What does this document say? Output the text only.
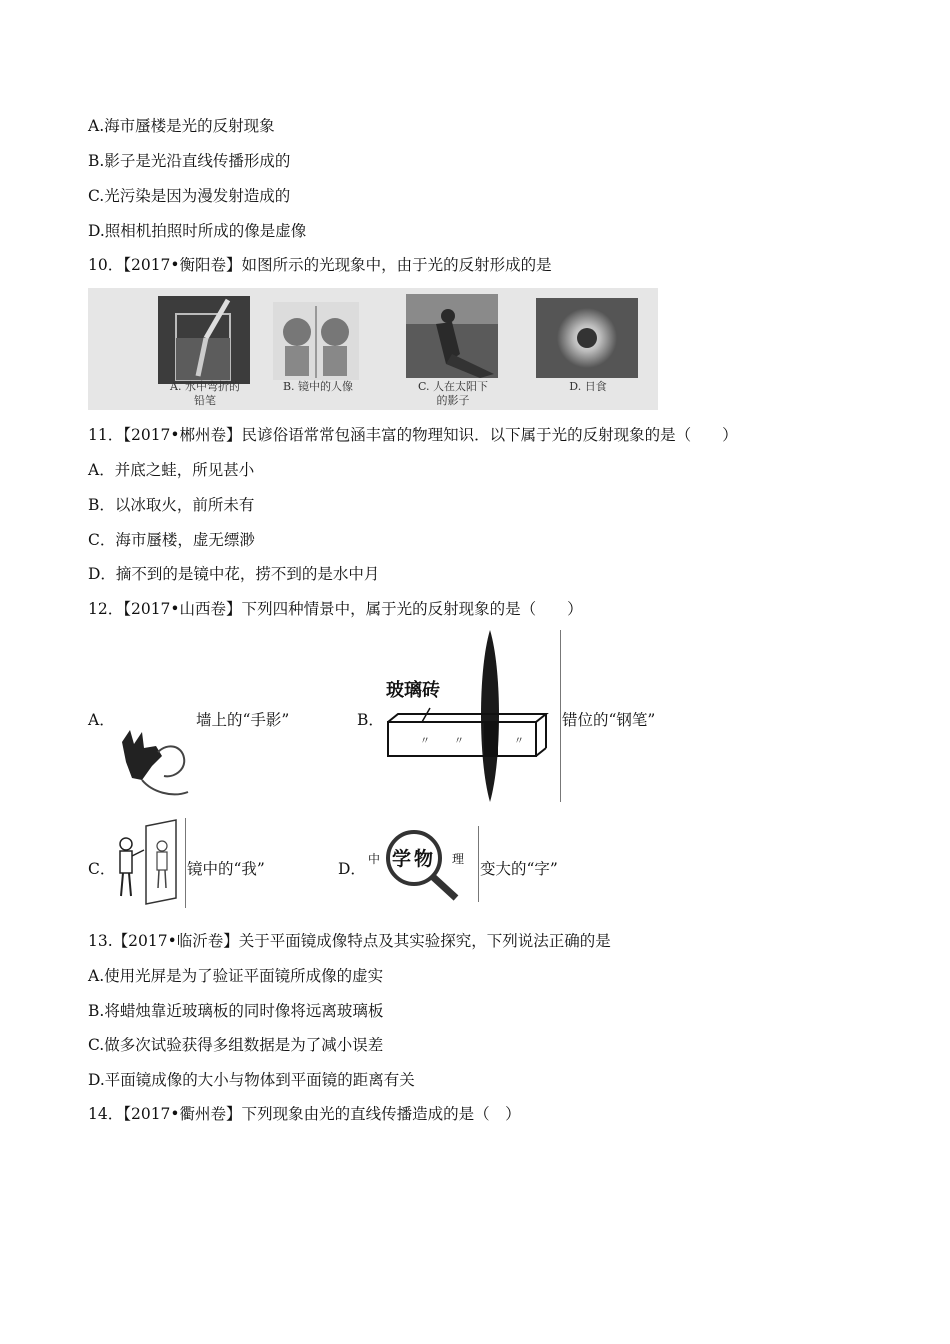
A.海市蜃楼是光的反射现象
B.影子是光沿直线传播形成的
C.光污染是因为漫发射造成的
D.照相机拍照时所成的像是虚像
10．【2017•衡阳卷】如图所示的光现象中，由于光的反射形成的是
A. 水中弯折的
铅笔
B. 镜中的人像	C. 人在太阳下
的影子
D. 日食
11．【2017•郴州卷】民谚俗语常常包涵丰富的物理知识．以下属于光的反射现象的是（　　）
A．并底之蛙，所见甚小
B．以冰取火，前所未有
C．海市蜃楼，虚无缥渺
D．摘不到的是镜中花，捞不到的是水中月
12．【2017•山西卷】下列四种情景中，属于光的反射现象的是（　　）
A．	墙上的“手影”	B．
玻璃砖
〃 〃	〃
错位的“钢笔”
C．	镜中的“我”	D．
中 学 物 理
变大的“字”
13.【2017•临沂卷】关于平面镜成像特点及其实验探究，下列说法正确的是
A.使用光屏是为了验证平面镜所成像的虚实
B.将蜡烛靠近玻璃板的同时像将远离玻璃板
C.做多次试验获得多组数据是为了减小误差
D.平面镜成像的大小与物体到平面镜的距离有关
14．【2017•衢州卷】下列现象由光的直线传播造成的是（　）
